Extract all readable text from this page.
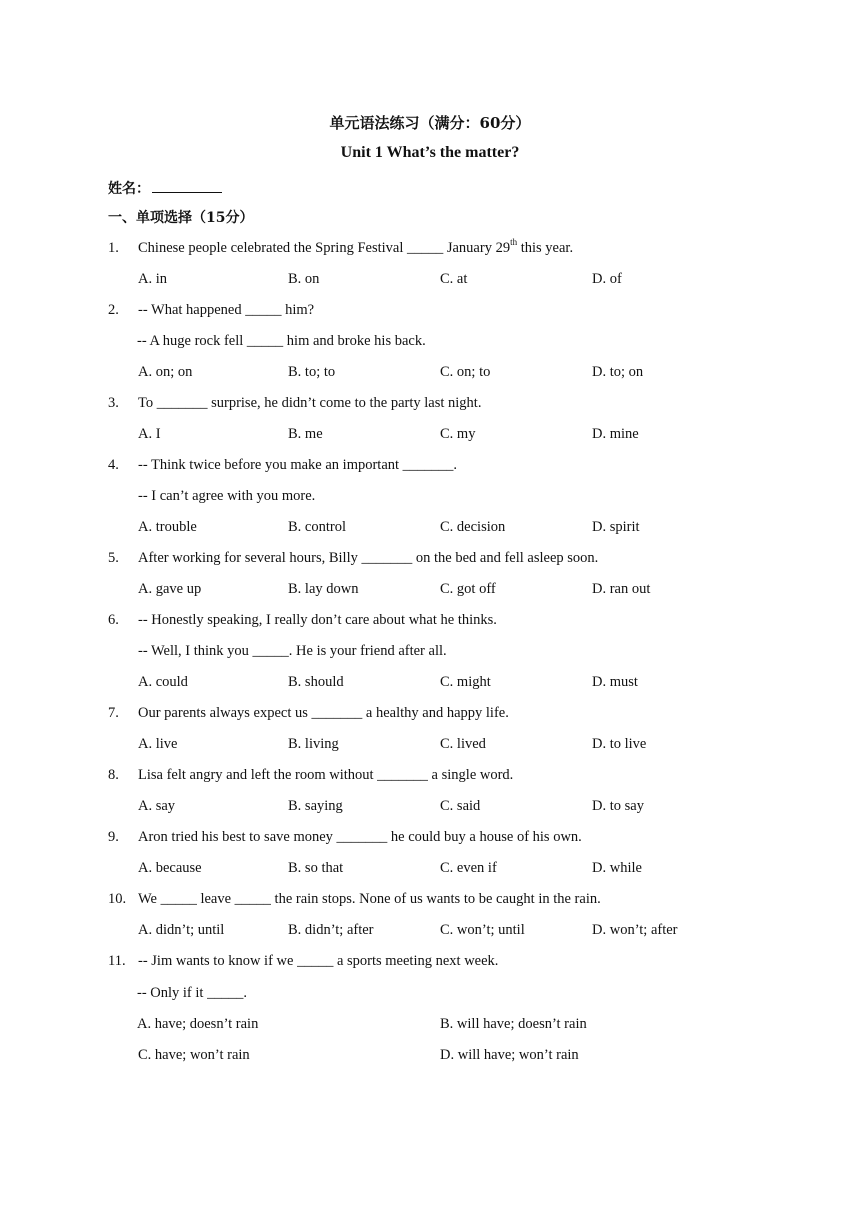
单元语法练习（满分：60分）
Unit 1 What’s the matter?
姓名：
一、单项选择（15分）
1. Chinese people celebrated the Spring Festival _____ January 29th this year.
A. in	B. on	C. at	D. of
2. -- What happened _____ him?
-- A huge rock fell _____ him and broke his back.
A. on; on	B. to; to	C. on; to	D. to; on
3. To _______ surprise, he didn’t come to the party last night.
A. I	B. me	C. my	D. mine
4. -- Think twice before you make an important _______.
-- I can’t agree with you more.
A. trouble	B. control	C. decision	D. spirit
5. After working for several hours, Billy _______ on the bed and fell asleep soon.
A. gave up	B. lay down	C. got off	D. ran out
6. -- Honestly speaking, I really don’t care about what he thinks.
-- Well, I think you _____. He is your friend after all.
A. could	B. should	C. might	D. must
7. Our parents always expect us _______ a healthy and happy life.
A. live	B. living	C. lived	D. to live
8. Lisa felt angry and left the room without _______ a single word.
A. say	B. saying	C. said	D. to say
9. Aron tried his best to save money _______ he could buy a house of his own.
A. because	B. so that	C. even if	D. while
10. We _____ leave _____ the rain stops. None of us wants to be caught in the rain.
A. didn’t; until	B. didn’t; after	C. won’t; until	D. won’t; after
11. -- Jim wants to know if we _____ a sports meeting next week.
-- Only if it _____.
A. have; doesn’t rain	B. will have; doesn’t rain
C. have; won’t rain	D. will have; won’t rain
